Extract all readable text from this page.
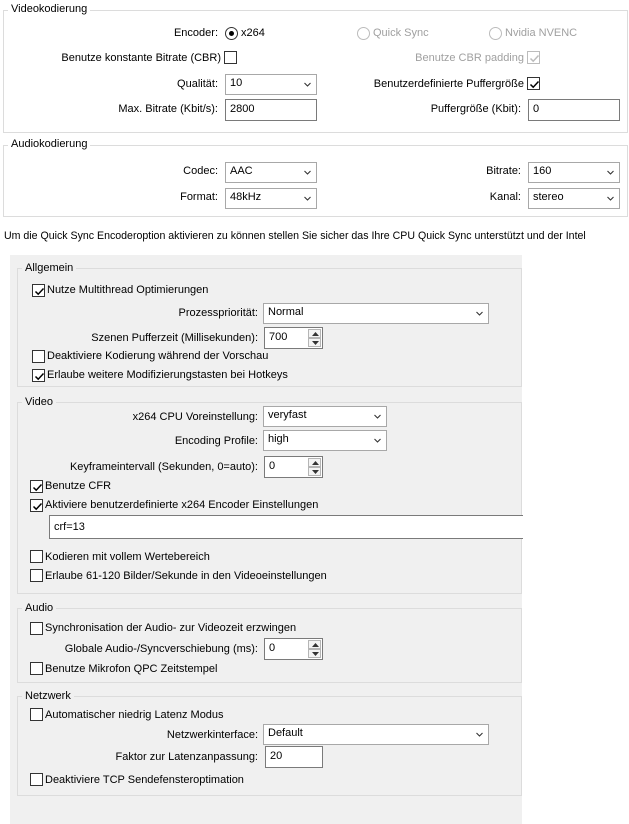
Videokodierung
Encoder: x264	Quick Sync	Nvidia NVENC
Benutze konstante Bitrate (CBR)	Benutze CBR padding
Qualität:	10	Benutzerdefinierte Puffergröße
Max. Bitrate (Kbit/s):	2800	Puffergröße (Kbit):	0
Audiokodierung
Codec:	AAC	Bitrate:	160
Format:	48kHz	Kanal:	stereo
Um die Quick Sync Encoderoption aktivieren zu können stellen Sie sicher das Ihre CPU Quick Sync unterstützt und der Intel
Allgemein
Nutze Multithread Optimierungen
Prozesspriorität: Normal
Szenen Pufferzeit (Millisekunden): 700
Deaktiviere Kodierung während der Vorschau
Erlaube weitere Modifizierungstasten bei Hotkeys
Video
x264 CPU Voreinstellung: veryfast
Encoding Profile: high
Keyframeintervall (Sekunden, 0=auto): 0
Benutze CFR
Aktiviere benutzerdefinierte x264 Encoder Einstellungen
crf=13
Kodieren mit vollem Wertebereich
Erlaube 61-120 Bilder/Sekunde in den Videoeinstellungen
Audio
Synchronisation der Audio- zur Videozeit erzwingen
Globale Audio-/Syncverschiebung (ms): 0
Benutze Mikrofon QPC Zeitstempel
Netzwerk
Automatischer niedrig Latenz Modus
Netzwerkinterface: Default
Faktor zur Latenzanpassung:	20
Deaktiviere TCP Sendefensteroptimation
